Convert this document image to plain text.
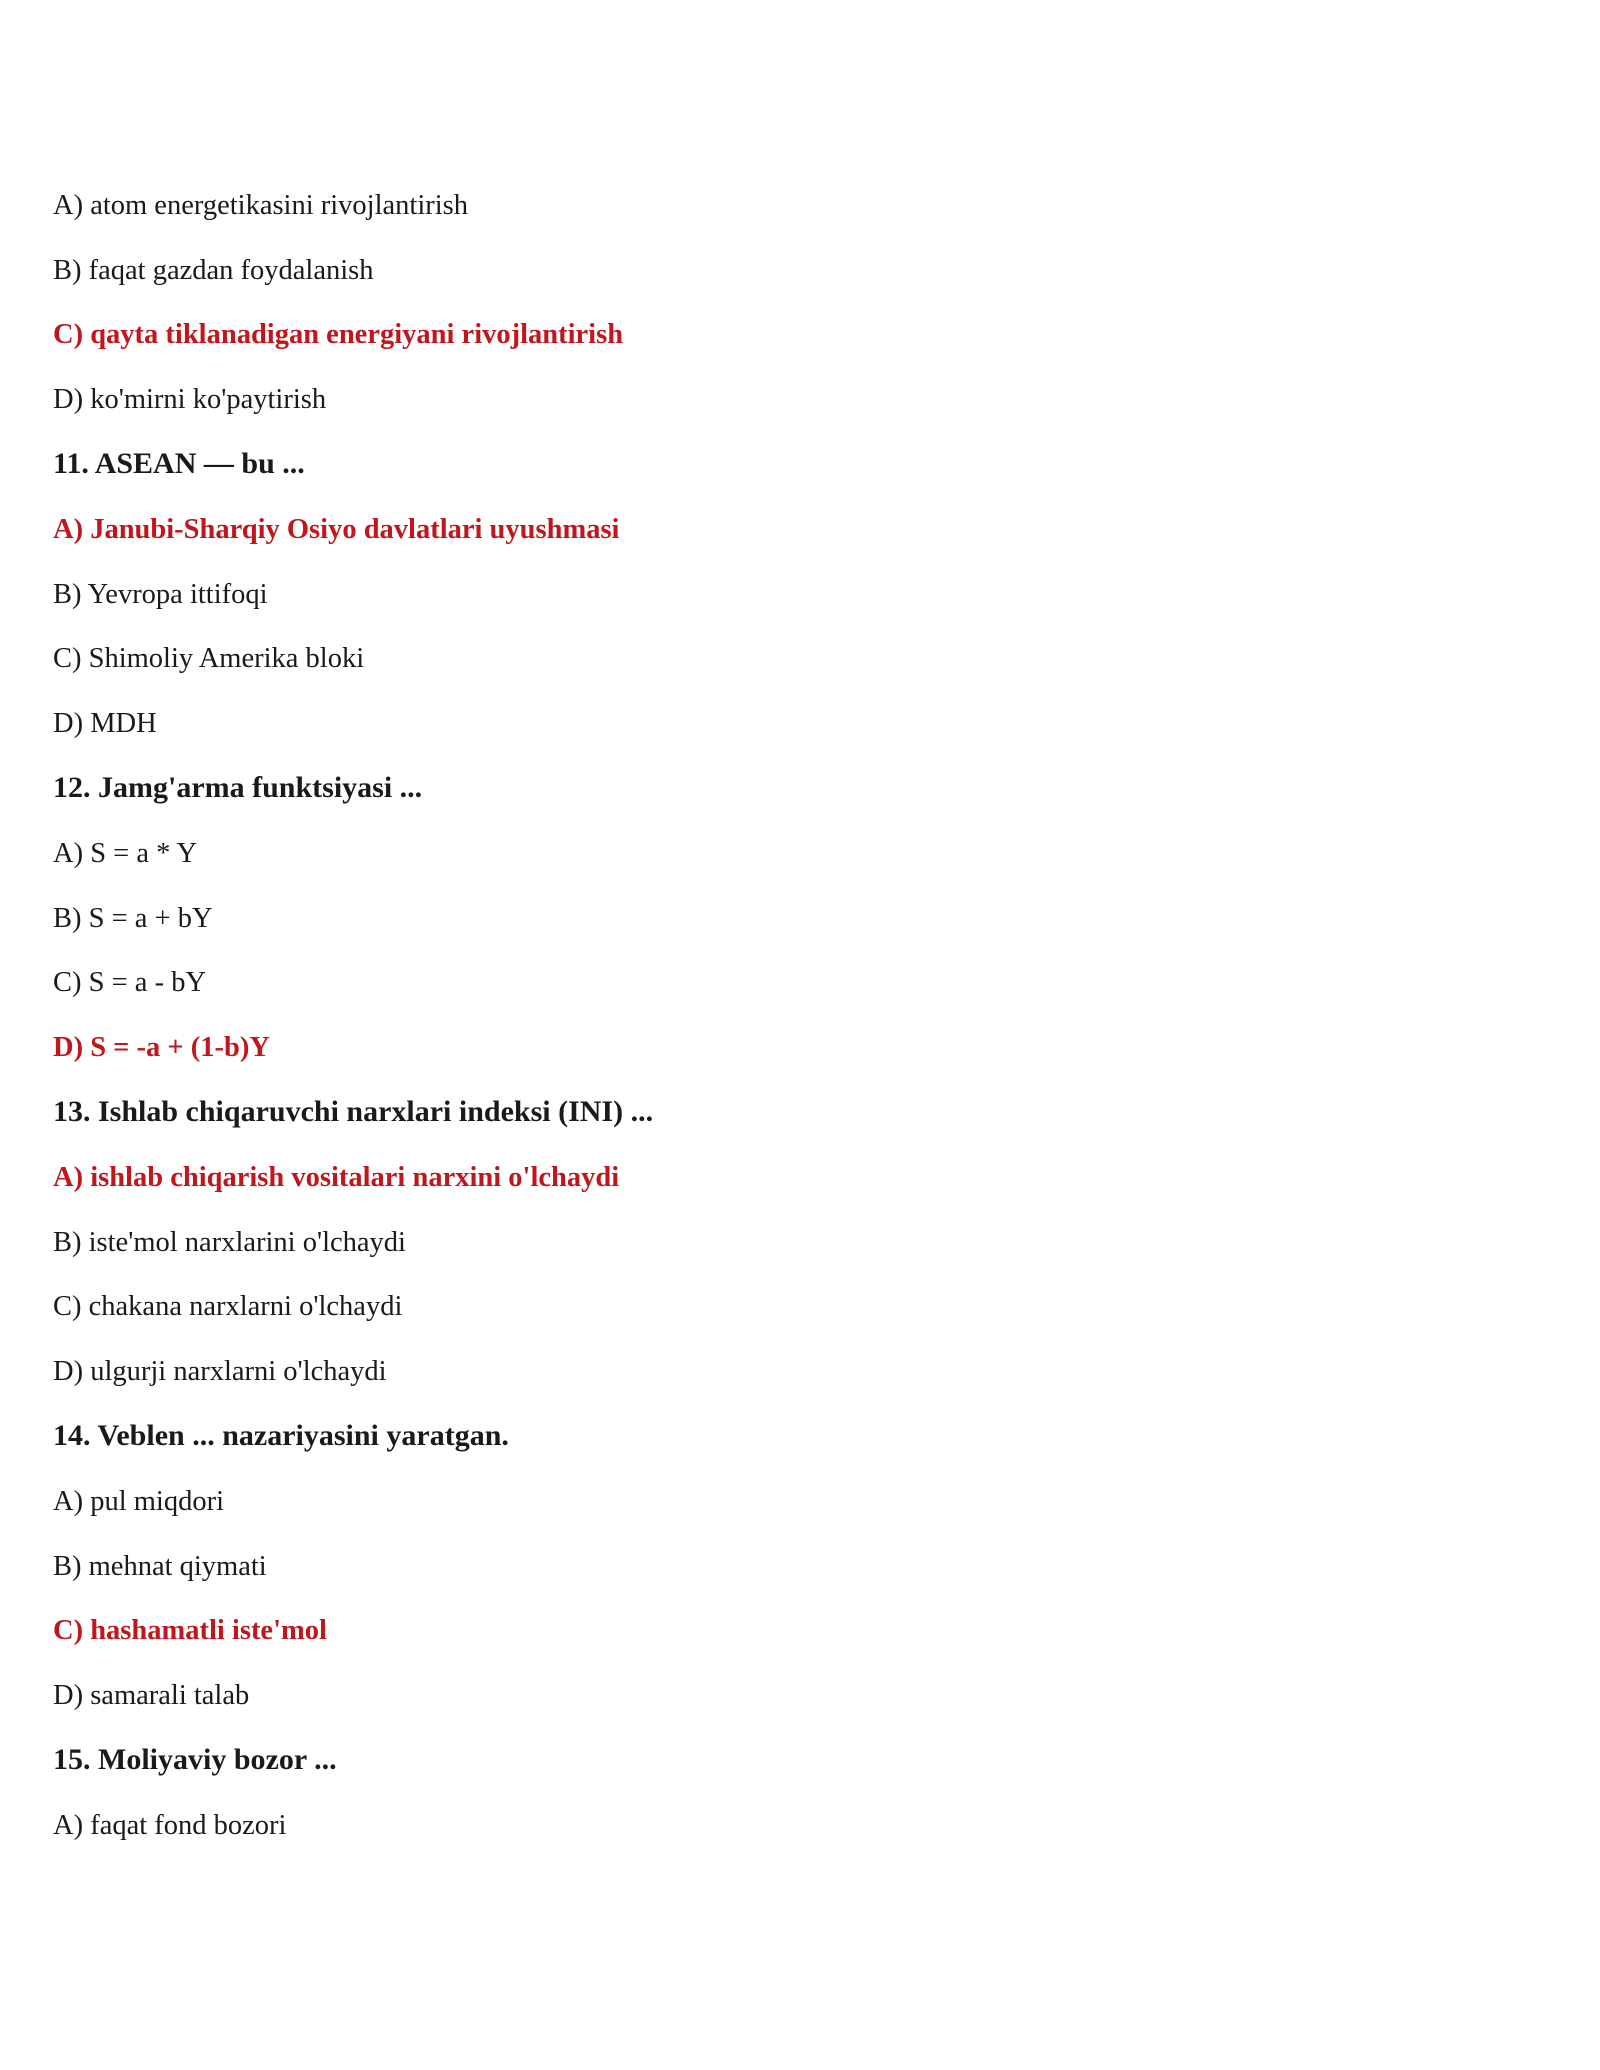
A) atom energetikasini rivojlantirish
B) faqat gazdan foydalanish
C) qayta tiklanadigan energiyani rivojlantirish
D) ko'mirni ko'paytirish
11. ASEAN — bu ...
A) Janubi-Sharqiy Osiyo davlatlari uyushmasi
B) Yevropa ittifoqi
C) Shimoliy Amerika bloki
D) MDH
12. Jamg'arma funktsiyasi ...
A) S = a * Y
B) S = a + bY
C) S = a - bY
D) S = -a + (1-b)Y
13. Ishlab chiqaruvchi narxlari indeksi (INI) ...
A) ishlab chiqarish vositalari narxini o'lchaydi
B) iste'mol narxlarini o'lchaydi
C) chakana narxlarni o'lchaydi
D) ulgurji narxlarni o'lchaydi
14. Veblen ... nazariyasini yaratgan.
A) pul miqdori
B) mehnat qiymati
C) hashamatli iste'mol
D) samarali talab
15. Moliyaviy bozor ...
A) faqat fond bozori
